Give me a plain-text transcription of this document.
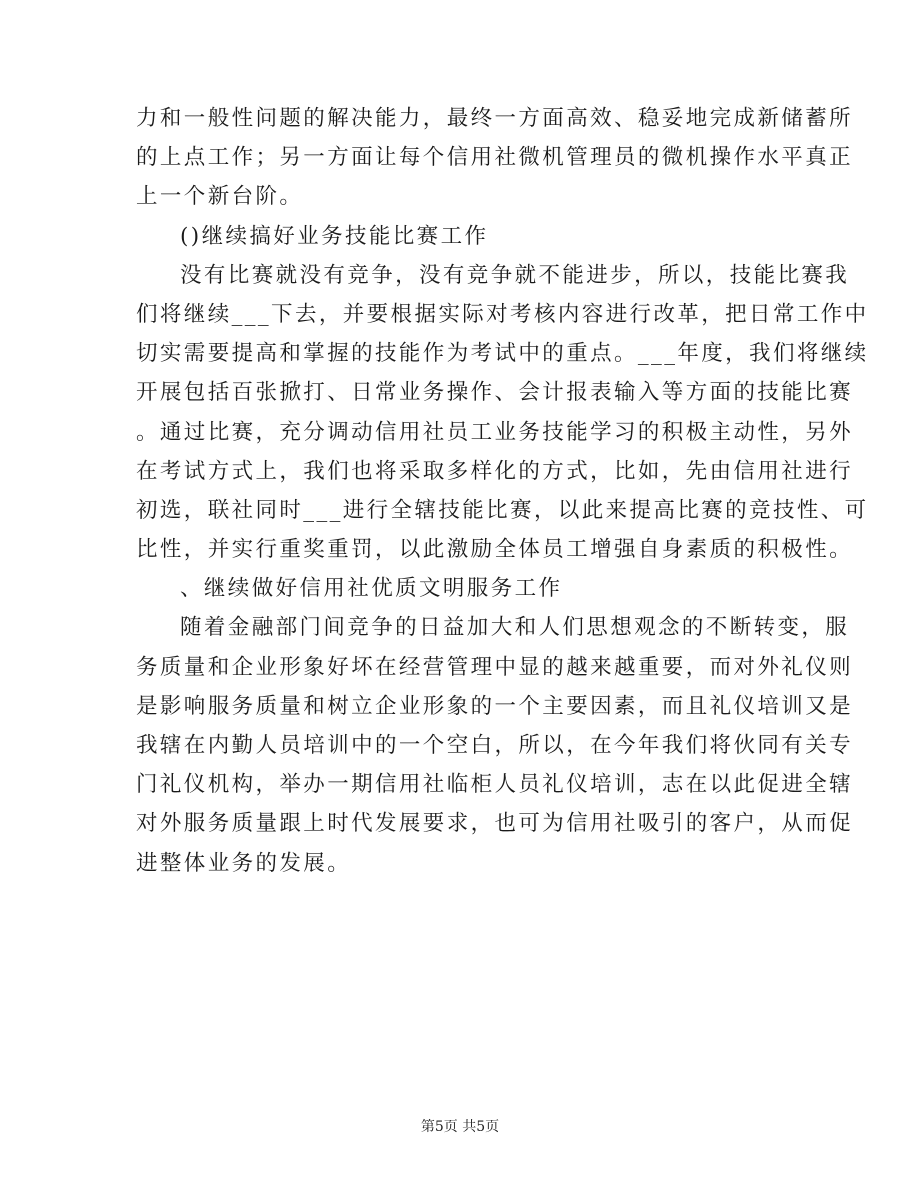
力和一般性问题的解决能力，最终一方面高效、稳妥地完成新储蓄所
的上点工作；另一方面让每个信用社微机管理员的微机操作水平真正
上一个新台阶。
()继续搞好业务技能比赛工作
没有比赛就没有竞争，没有竞争就不能进步，所以，技能比赛我
们将继续___下去，并要根据实际对考核内容进行改革，把日常工作中
切实需要提高和掌握的技能作为考试中的重点。___年度，我们将继续
开展包括百张掀打、日常业务操作、会计报表输入等方面的技能比赛
。通过比赛，充分调动信用社员工业务技能学习的积极主动性，另外
在考试方式上，我们也将采取多样化的方式，比如，先由信用社进行
初选，联社同时___进行全辖技能比赛，以此来提高比赛的竞技性、可
比性，并实行重奖重罚，以此激励全体员工增强自身素质的积极性。
、继续做好信用社优质文明服务工作
随着金融部门间竞争的日益加大和人们思想观念的不断转变，服
务质量和企业形象好坏在经营管理中显的越来越重要，而对外礼仪则
是影响服务质量和树立企业形象的一个主要因素，而且礼仪培训又是
我辖在内勤人员培训中的一个空白，所以，在今年我们将伙同有关专
门礼仪机构，举办一期信用社临柜人员礼仪培训，志在以此促进全辖
对外服务质量跟上时代发展要求，也可为信用社吸引的客户，从而促
进整体业务的发展。
第5页 共5页
